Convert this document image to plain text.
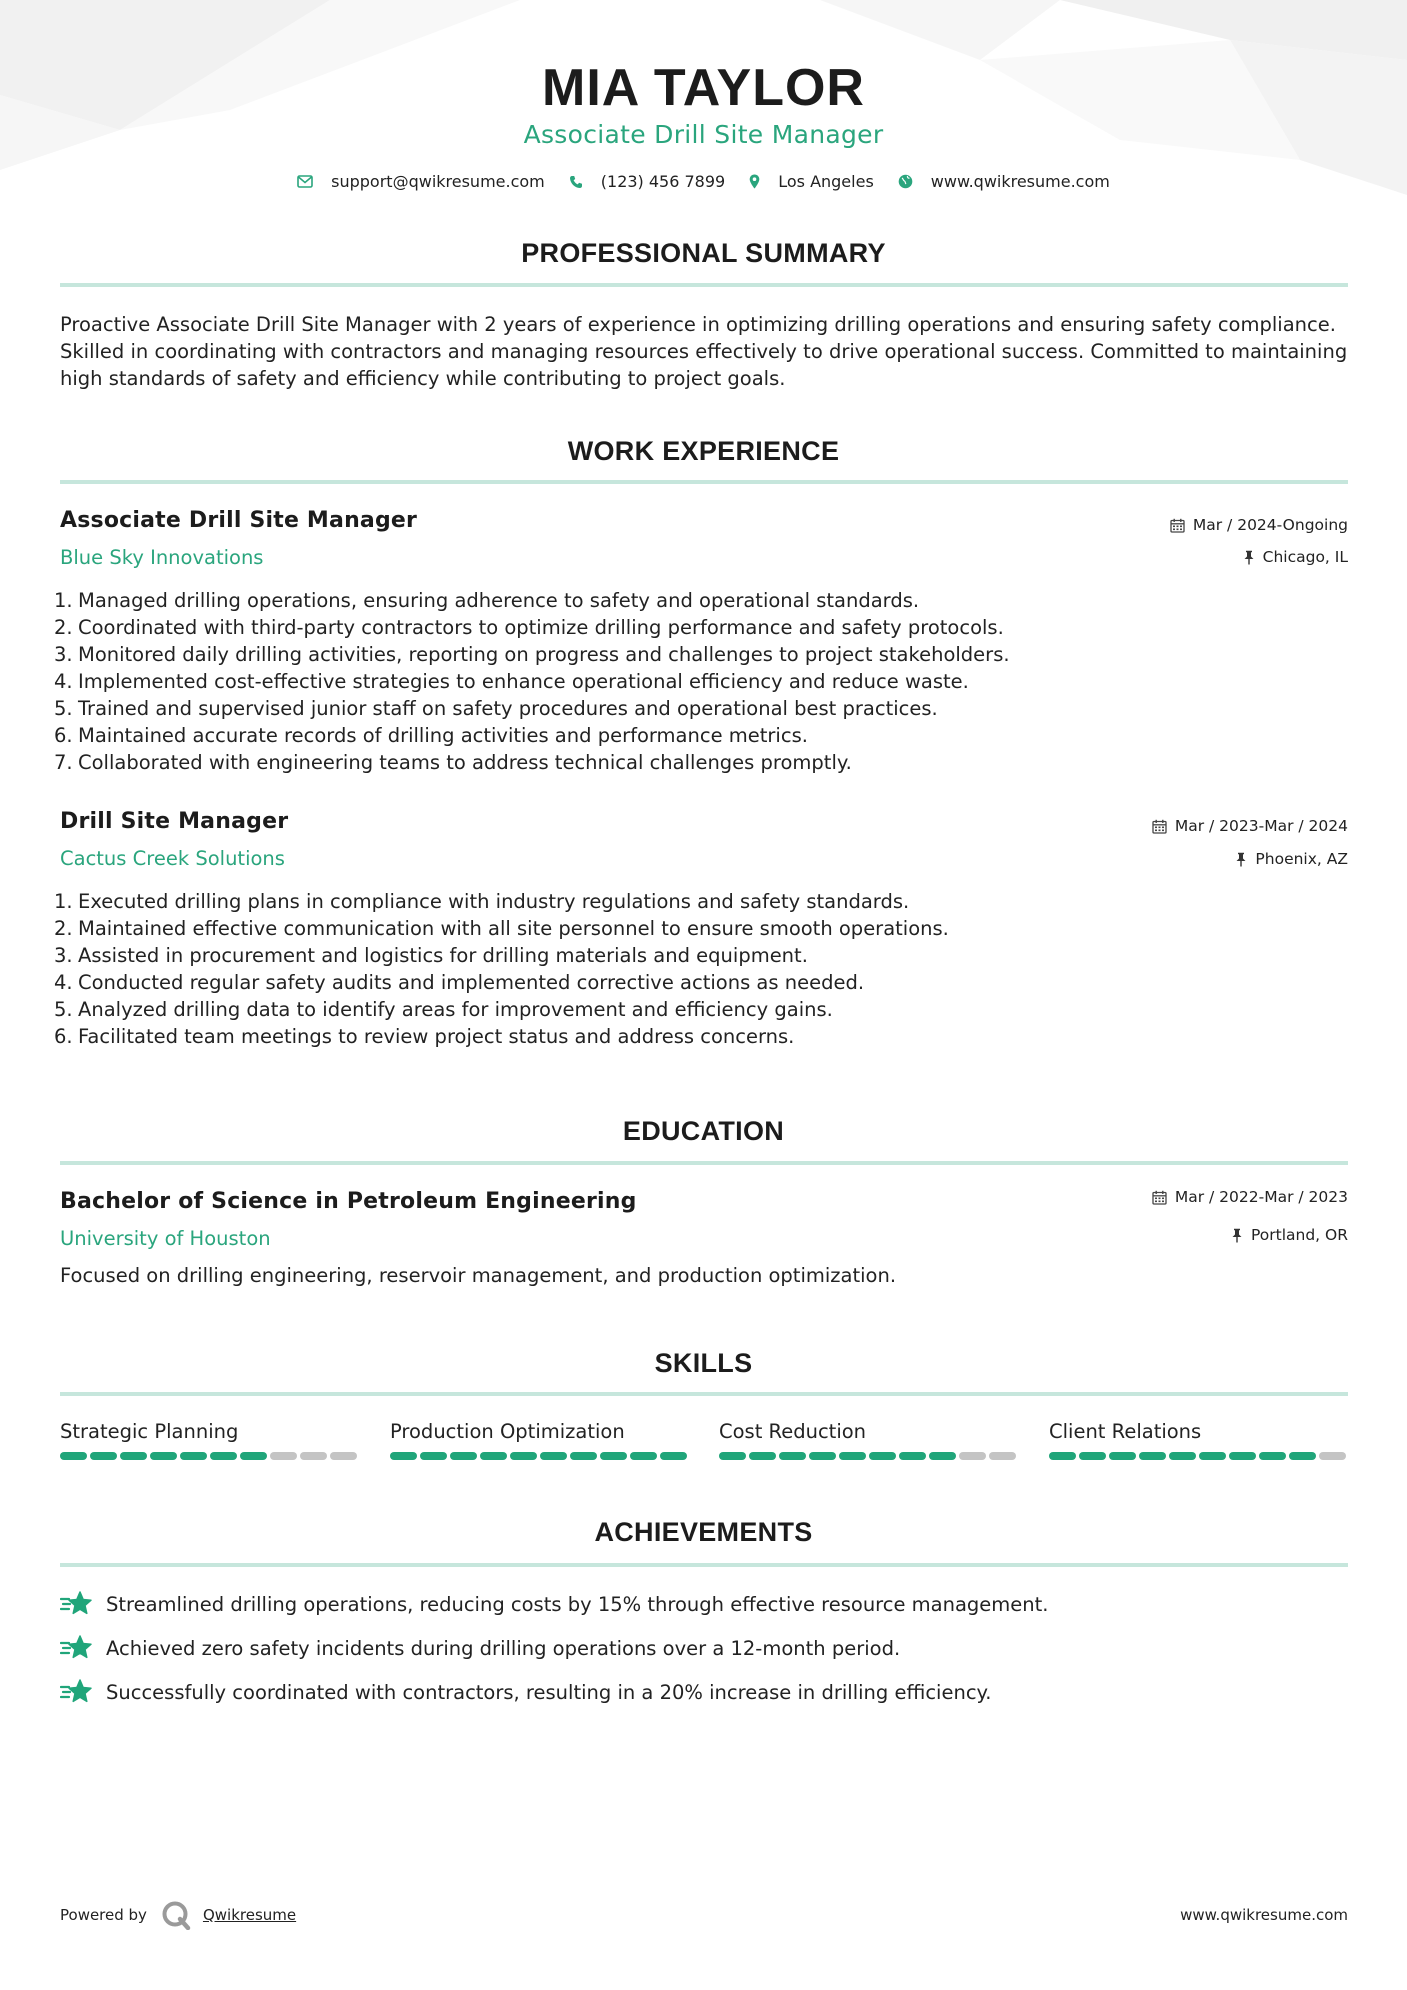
MIA TAYLOR
Associate Drill Site Manager
support@qwikresume.com	(123) 456 7899	Los Angeles	www.qwikresume.com
PROFESSIONAL SUMMARY
Proactive Associate Drill Site Manager with 2 years of experience in optimizing drilling operations and ensuring safety compliance. Skilled in coordinating with contractors and managing resources effectively to drive operational success. Committed to maintaining high standards of safety and efficiency while contributing to project goals.
WORK EXPERIENCE
Associate Drill Site Manager
Blue Sky Innovations
Mar / 2024-Ongoing
Chicago, IL
1. Managed drilling operations, ensuring adherence to safety and operational standards.
2. Coordinated with third-party contractors to optimize drilling performance and safety protocols.
3. Monitored daily drilling activities, reporting on progress and challenges to project stakeholders.
4. Implemented cost-effective strategies to enhance operational efficiency and reduce waste.
5. Trained and supervised junior staff on safety procedures and operational best practices.
6. Maintained accurate records of drilling activities and performance metrics.
7. Collaborated with engineering teams to address technical challenges promptly.
Drill Site Manager
Cactus Creek Solutions
Mar / 2023-Mar / 2024
Phoenix, AZ
1. Executed drilling plans in compliance with industry regulations and safety standards.
2. Maintained effective communication with all site personnel to ensure smooth operations.
3. Assisted in procurement and logistics for drilling materials and equipment.
4. Conducted regular safety audits and implemented corrective actions as needed.
5. Analyzed drilling data to identify areas for improvement and efficiency gains.
6. Facilitated team meetings to review project status and address concerns.
EDUCATION
Bachelor of Science in Petroleum Engineering
University of Houston
Mar / 2022-Mar / 2023
Portland, OR
Focused on drilling engineering, reservoir management, and production optimization.
SKILLS
Strategic Planning	Production Optimization	Cost Reduction	Client Relations
ACHIEVEMENTS
Streamlined drilling operations, reducing costs by 15% through effective resource management.
Achieved zero safety incidents during drilling operations over a 12-month period.
Successfully coordinated with contractors, resulting in a 20% increase in drilling efficiency.
Powered by	Qwikresume	www.qwikresume.com
